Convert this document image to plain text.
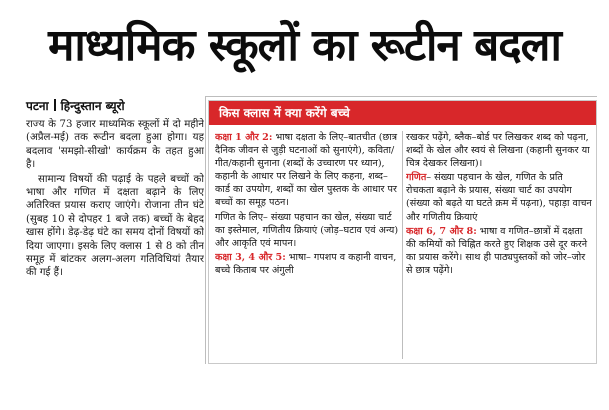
माध्यमिक स्कूलों का रूटीन बदला
पटना हिन्दुस्तान ब्यूरो

राज्य के 73 हजार माध्यमिक स्कूलों में दो महीने (अप्रैल-मई) तक रूटीन बदला हुआ होगा। यह बदलाव 'समझो-सीखो' कार्यक्रम के तहत हुआ है।

सामान्य विषयों की पढ़ाई के पहले बच्चों को भाषा और गणित में दक्षता बढ़ाने के लिए अतिरिक्त प्रयास कराए जाएंगे। रोजाना तीन घंटे (सुबह 10 से दोपहर 1 बजे तक) बच्चों के बेहद खास होंगे। डेढ़-डेढ़ घंटे का समय दोनों विषयों को दिया जाएगा। इसके लिए क्लास 1 से 8 को तीन समूह में बांटकर अलग-अलग गतिविधियां तैयार की गई हैं।

किस क्लास में क्या करेंगे बच्चे

कक्षा 1 और 2: भाषा दक्षता के लिए–बातचीत (छात्र दैनिक जीवन से जुड़ी घटनाओं को सुनाएंगे), कविता/गीत/कहानी सुनाना (शब्दों के उच्चारण पर ध्यान), कहानी के आधार पर लिखने के लिए कहना, शब्द–कार्ड का उपयोग, शब्दों का खेल पुस्तक के आधार पर बच्चों का समूह पठन।

गणित के लिए– संख्या पहचान का खेल, संख्या चार्ट का इस्तेमाल, गणितीय क्रियाएं (जोड़–घटाव एवं अन्य) और आकृति एवं मापन।

कक्षा 3, 4 और 5: भाषा– गपशप व कहानी वाचन, बच्चे किताब पर अंगुली

रखकर पढ़ेंगे, ब्लैक–बोर्ड पर लिखकर शब्द को पढ़ना, शब्दों के खेल और स्वयं से लिखना (कहानी सुनकर या चित्र देखकर लिखना)।

गणित– संख्या पहचान के खेल, गणित के प्रति रोचकता बढ़ाने के प्रयास, संख्या चार्ट का उपयोग (संख्या को बढ़ते या घटते क्रम में पढ़ना), पहाड़ा वाचन और गणितीय क्रियाएं

कक्षा 6, 7 और 8: भाषा व गणित–छात्रों में दक्षता की कमियों को चिह्नित करते हुए शिक्षक उसे दूर करने का प्रयास करेंगे। साथ ही पाठ्यपुस्तकों को जोर–जोर से छात्र पढ़ेंगे।
